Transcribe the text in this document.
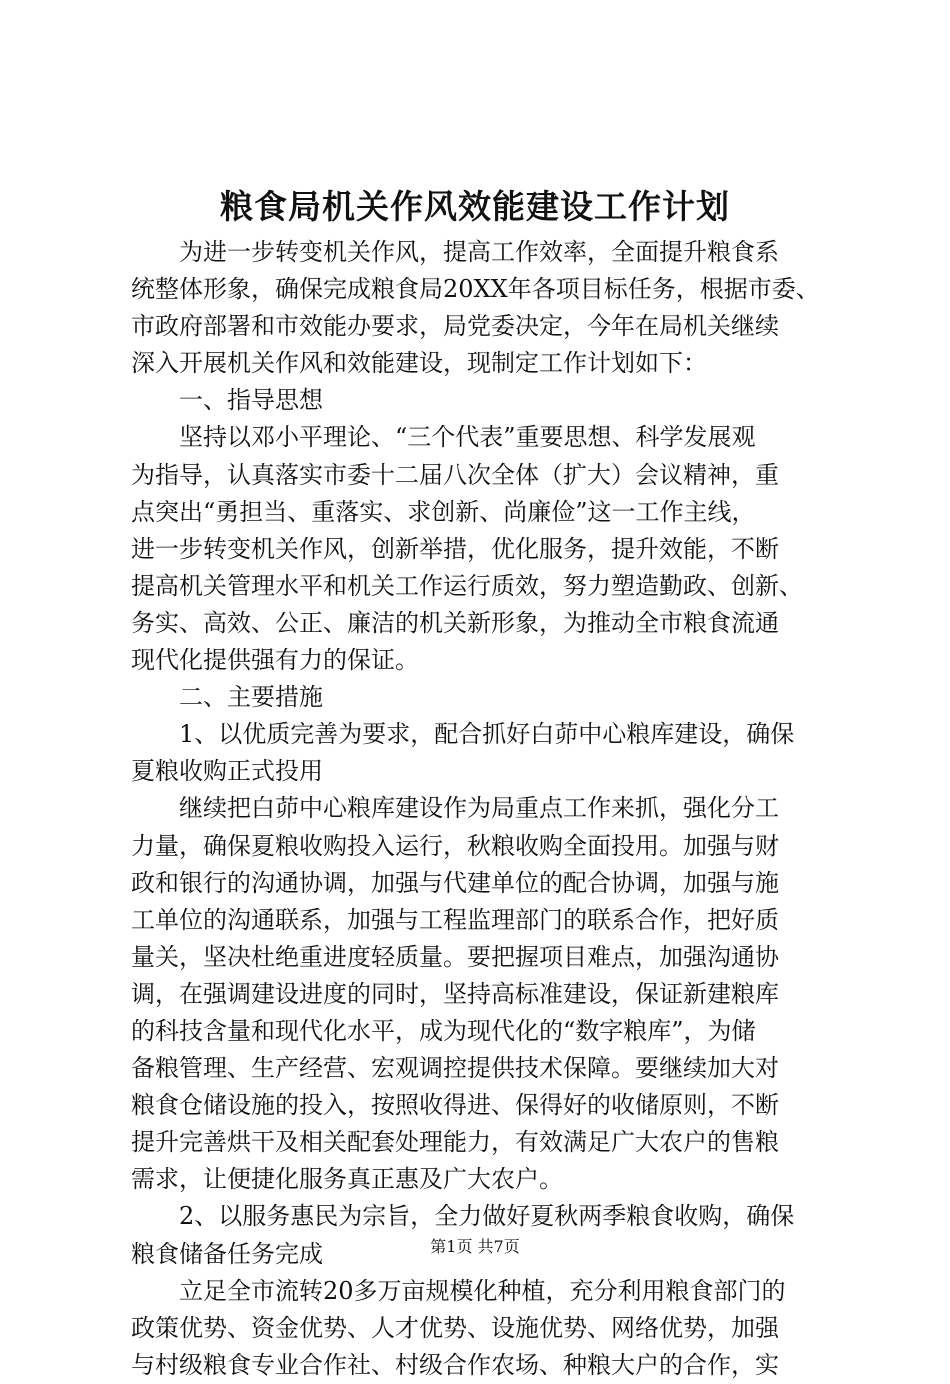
粮食局机关作风效能建设工作计划
　　为进一步转变机关作风，提高工作效率，全面提升粮食系
统整体形象，确保完成粮食局20XX年各项目标任务，根据市委、
市政府部署和市效能办要求，局党委决定，今年在局机关继续
深入开展机关作风和效能建设，现制定工作计划如下：
　　一、指导思想
　　坚持以邓小平理论、“三个代表”重要思想、科学发展观
为指导，认真落实市委十二届八次全体（扩大）会议精神，重
点突出“勇担当、重落实、求创新、尚廉俭”这一工作主线，
进一步转变机关作风，创新举措，优化服务，提升效能，不断
提高机关管理水平和机关工作运行质效，努力塑造勤政、创新、
务实、高效、公正、廉洁的机关新形象，为推动全市粮食流通
现代化提供强有力的保证。
　　二、主要措施
　　1、以优质完善为要求，配合抓好白茆中心粮库建设，确保
夏粮收购正式投用
　　继续把白茆中心粮库建设作为局重点工作来抓，强化分工
力量，确保夏粮收购投入运行，秋粮收购全面投用。加强与财
政和银行的沟通协调，加强与代建单位的配合协调，加强与施
工单位的沟通联系，加强与工程监理部门的联系合作，把好质
量关，坚决杜绝重进度轻质量。要把握项目难点，加强沟通协
调，在强调建设进度的同时，坚持高标准建设，保证新建粮库
的科技含量和现代化水平，成为现代化的“数字粮库”，为储
备粮管理、生产经营、宏观调控提供技术保障。要继续加大对
粮食仓储设施的投入，按照收得进、保得好的收储原则，不断
提升完善烘干及相关配套处理能力，有效满足广大农户的售粮
需求，让便捷化服务真正惠及广大农户。
　　2、以服务惠民为宗旨，全力做好夏秋两季粮食收购，确保
粮食储备任务完成
　　立足全市流转20多万亩规模化种植，充分利用粮食部门的
政策优势、资金优势、人才优势、设施优势、网络优势，加强
与村级粮食专业合作社、村级合作农场、种粮大户的合作，实
第1页 共7页
